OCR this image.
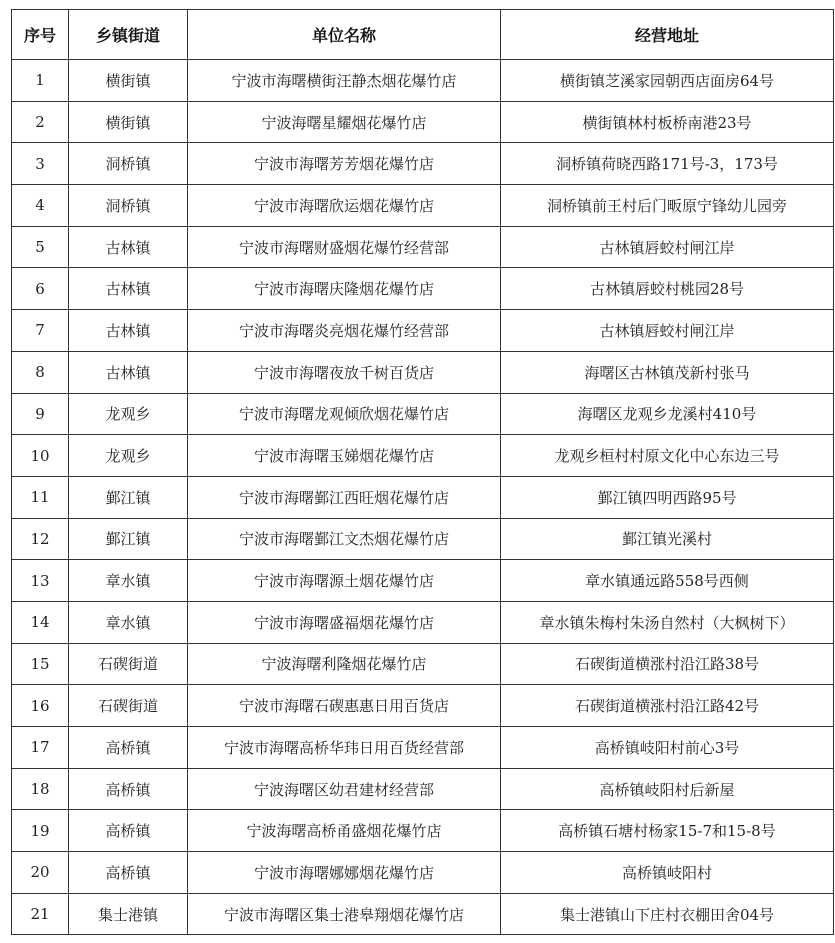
序号	乡镇街道	单位名称	经营地址
1	横街镇	宁波市海曙横街汪静杰烟花爆竹店	横街镇芝溪家园朝西店面房64号
2	横街镇	宁波海曙星耀烟花爆竹店	横街镇林村板桥南港23号
3	洞桥镇	宁波市海曙芳芳烟花爆竹店	洞桥镇荷晓西路171号-3，173号
4	洞桥镇	宁波市海曙欣运烟花爆竹店	洞桥镇前王村后门畈原宁锋幼儿园旁
5	古林镇	宁波市海曙财盛烟花爆竹经营部	古林镇唇蛟村闸江岸
6	古林镇	宁波市海曙庆隆烟花爆竹店	古林镇唇蛟村桃园28号
7	古林镇	宁波市海曙炎亮烟花爆竹经营部	古林镇唇蛟村闸江岸
8	古林镇	宁波市海曙夜放千树百货店	海曙区古林镇茂新村张马
9	龙观乡	宁波市海曙龙观倾欣烟花爆竹店	海曙区龙观乡龙溪村410号
10	龙观乡	宁波市海曙玉娣烟花爆竹店	龙观乡桓村村原文化中心东边三号
11	鄞江镇	宁波市海曙鄞江西旺烟花爆竹店	鄞江镇四明西路95号
12	鄞江镇	宁波市海曙鄞江文杰烟花爆竹店	鄞江镇光溪村
13	章水镇	宁波市海曙源土烟花爆竹店	章水镇通远路558号西侧
14	章水镇	宁波市海曙盛福烟花爆竹店	章水镇朱梅村朱汤自然村（大枫树下）
15	石碶街道	宁波海曙利隆烟花爆竹店	石碶街道横涨村沿江路38号
16	石碶街道	宁波市海曙石碶惠惠日用百货店	石碶街道横涨村沿江路42号
17	高桥镇	宁波市海曙高桥华玮日用百货经营部	高桥镇岐阳村前心3号
18	高桥镇	宁波海曙区幼君建材经营部	高桥镇岐阳村后新屋
19	高桥镇	宁波海曙高桥甬盛烟花爆竹店	高桥镇石塘村杨家15-7和15-8号
20	高桥镇	宁波市海曙娜娜烟花爆竹店	高桥镇岐阳村
21	集士港镇	宁波市海曙区集士港皋翔烟花爆竹店	集士港镇山下庄村衣棚田舍04号
